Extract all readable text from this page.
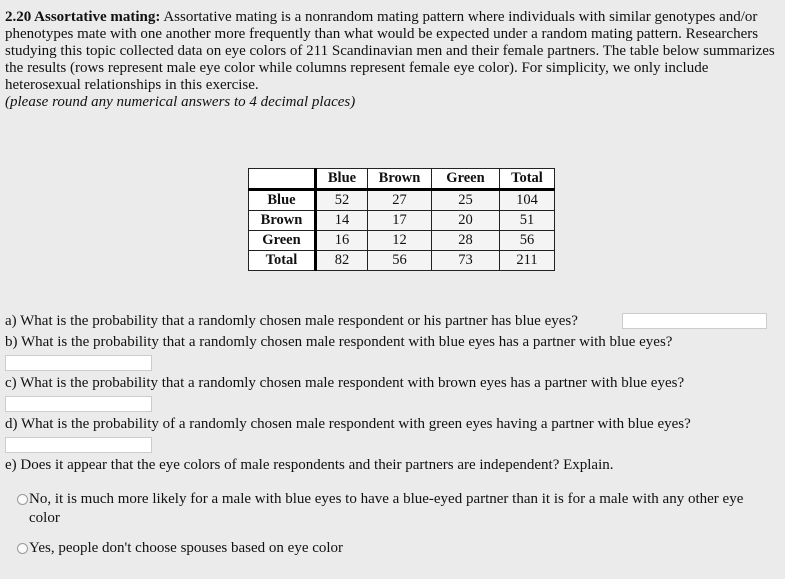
2.20 Assortative mating: Assortative mating is a nonrandom mating pattern where individuals with similar genotypes and/or phenotypes mate with one another more frequently than what would be expected under a random mating pattern. Researchers studying this topic collected data on eye colors of 211 Scandinavian men and their female partners. The table below summarizes the results (rows represent male eye color while columns represent female eye color). For simplicity, we only include heterosexual relationships in this exercise.
(please round any numerical answers to 4 decimal places)
	Blue	Brown	Green	Total
Blue	52	27	25	104
Brown	14	17	20	51
Green	16	12	28	56
Total	82	56	73	211
a) What is the probability that a randomly chosen male respondent or his partner has blue eyes?
b) What is the probability that a randomly chosen male respondent with blue eyes has a partner with blue eyes?
c) What is the probability that a randomly chosen male respondent with brown eyes has a partner with blue eyes?
d) What is the probability of a randomly chosen male respondent with green eyes having a partner with blue eyes?
e) Does it appear that the eye colors of male respondents and their partners are independent? Explain.
No, it is much more likely for a male with blue eyes to have a blue-eyed partner than it is for a male with any other eye color
Yes, people don't choose spouses based on eye color
